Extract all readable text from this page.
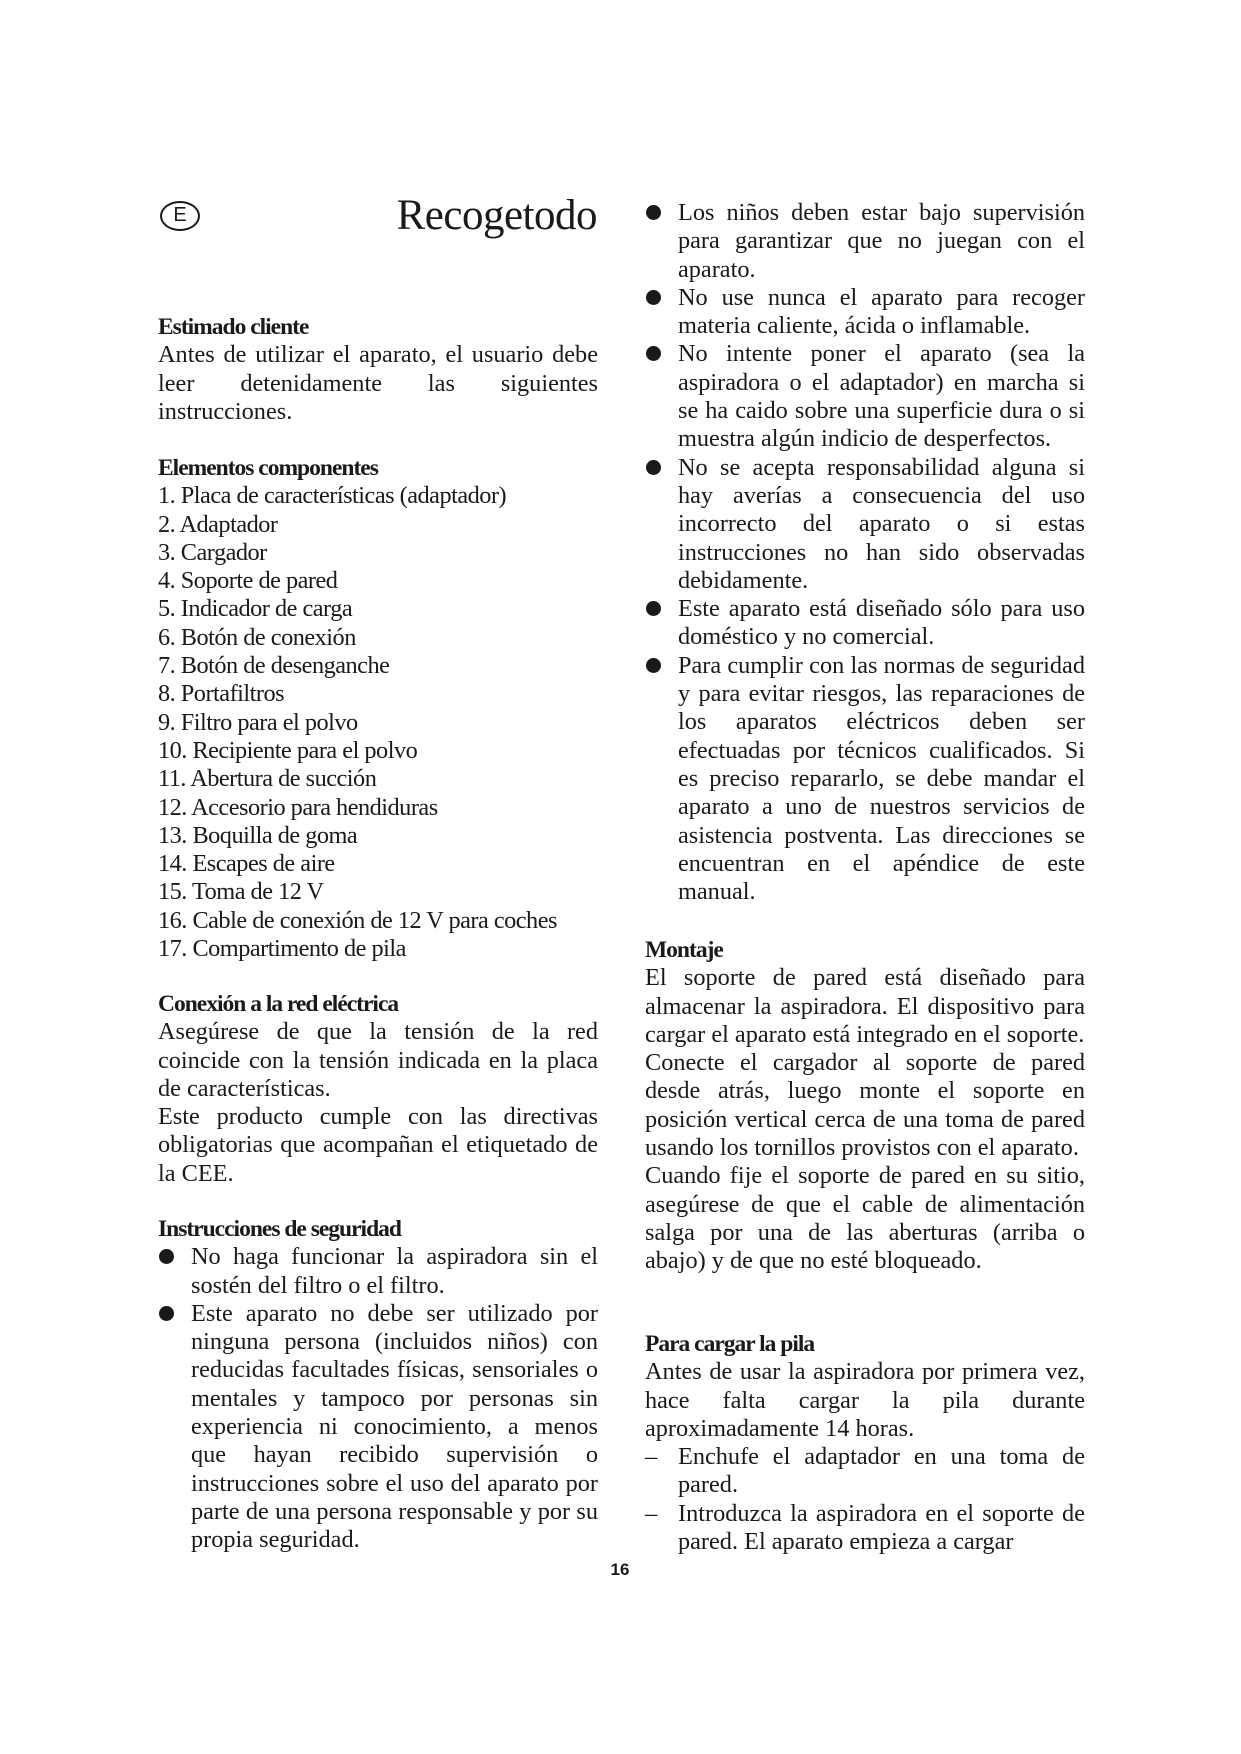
E	Recogetodo
Estimado cliente

Antes de utilizar el aparato, el usuario debe leer detenidamente las siguientes instrucciones.

Elementos componentes
1. Placa de características (adaptador)
2. Adaptador
3. Cargador
4. Soporte de pared
5. Indicador de carga
6. Botón de conexión
7. Botón de desenganche
8. Portafiltros
9. Filtro para el polvo
10. Recipiente para el polvo
11. Abertura de succión
12. Accesorio para hendiduras
13. Boquilla de goma
14. Escapes de aire
15. Toma de 12 V
16. Cable de conexión de 12 V para coches
17. Compartimento de pila
Conexión a la red eléctrica

Asegúrese de que la tensión de la red coincide con la tensión indicada en la placa de características.

Este producto cumple con las directivas obligatorias que acompañan el etiquetado de la CEE.

Instrucciones de seguridad
No haga funcionar la aspiradora sin el sostén del filtro o el filtro.
Este aparato no debe ser utilizado por ninguna persona (incluidos niños) con reducidas facultades físicas, sensoriales o mentales y tampoco por personas sin experiencia ni conocimiento, a menos que hayan recibido supervisión o instrucciones sobre el uso del aparato por parte de una persona responsable y por su propia seguridad.
Los niños deben estar bajo supervisión para garantizar que no juegan con el aparato.
No use nunca el aparato para recoger materia caliente, ácida o inflamable.
No intente poner el aparato (sea la aspiradora o el adaptador) en marcha si se ha caido sobre una superficie dura o si muestra algún indicio de desperfectos.
No se acepta responsabilidad alguna si hay averías a consecuencia del uso incorrecto del aparato o si estas instrucciones no han sido observadas debidamente.
Este aparato está diseñado sólo para uso doméstico y no comercial.
Para cumplir con las normas de seguridad y para evitar riesgos, las reparaciones de los aparatos eléctricos deben ser efectuadas por técnicos cualificados. Si es preciso repararlo, se debe mandar el aparato a uno de nuestros servicios de asistencia postventa. Las direcciones se encuentran en el apéndice de este manual.
Montaje

El soporte de pared está diseñado para almacenar la aspiradora. El dispositivo para cargar el aparato está integrado en el soporte.

Conecte el cargador al soporte de pared desde atrás, luego monte el soporte en posición vertical cerca de una toma de pared usando los tornillos provistos con el aparato.

Cuando fije el soporte de pared en su sitio, asegúrese de que el cable de alimentación salga por una de las aberturas (arriba o abajo) y de que no esté bloqueado.

Para cargar la pila

Antes de usar la aspiradora por primera vez, hace falta cargar la pila durante aproximadamente 14 horas.

– Enchufe el adaptador en una toma de pared.
– Introduzca la aspiradora en el soporte de pared. El aparato empieza a cargar
16
